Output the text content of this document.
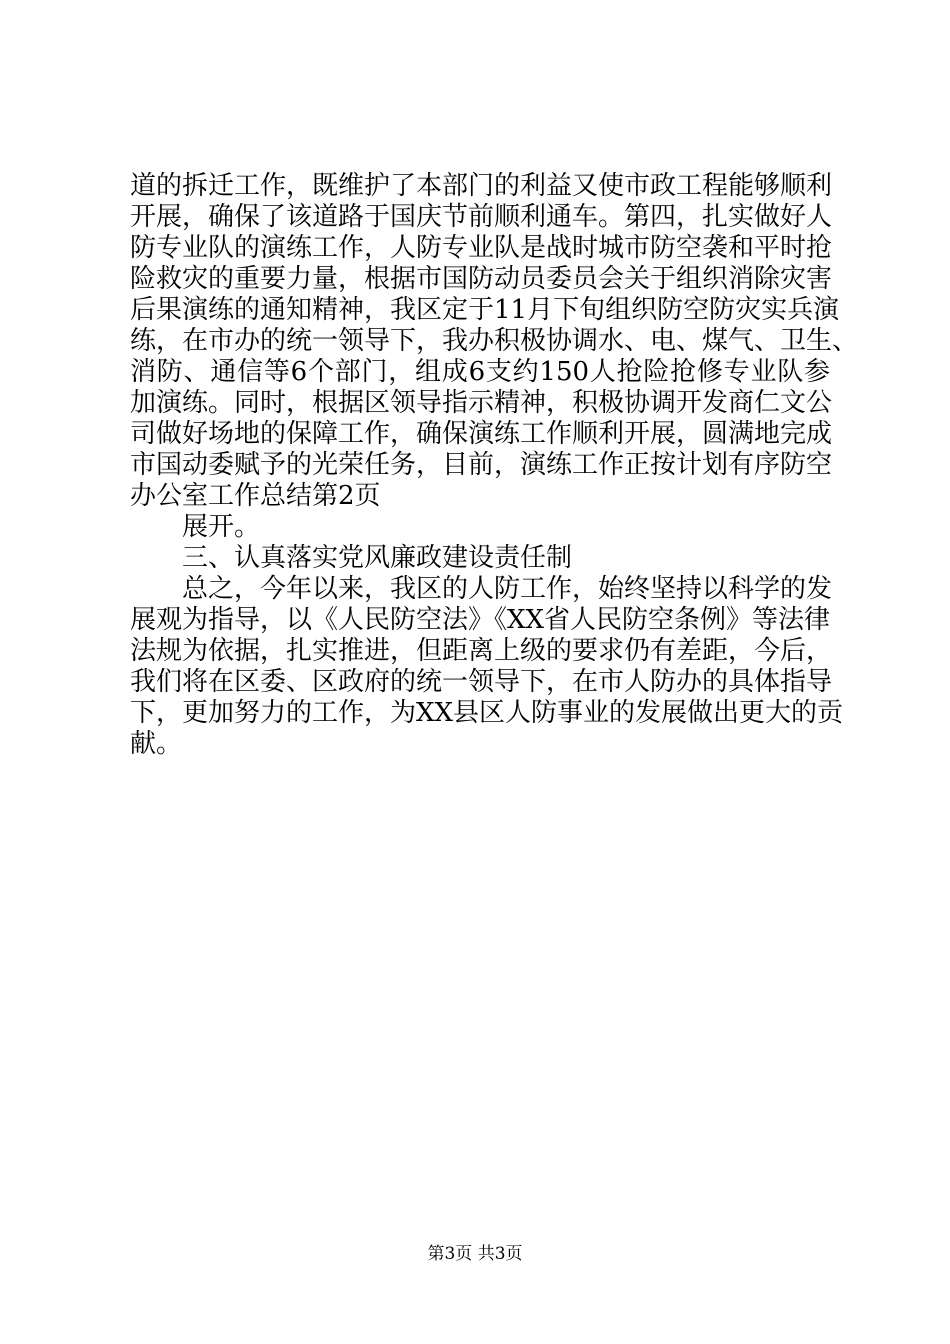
道的拆迁工作，既维护了本部门的利益又使市政工程能够顺利
开展，确保了该道路于国庆节前顺利通车。第四，扎实做好人
防专业队的演练工作，人防专业队是战时城市防空袭和平时抢
险救灾的重要力量，根据市国防动员委员会关于组织消除灾害
后果演练的通知精神，我区定于11月下旬组织防空防灾实兵演
练，在市办的统一领导下，我办积极协调水、电、煤气、卫生、
消防、通信等6个部门，组成6支约150人抢险抢修专业队参
加演练。同时，根据区领导指示精神，积极协调开发商仁文公
司做好场地的保障工作，确保演练工作顺利开展，圆满地完成
市国动委赋予的光荣任务，目前，演练工作正按计划有序防空
办公室工作总结第2页
展开。
三、认真落实党风廉政建设责任制
总之，今年以来，我区的人防工作，始终坚持以科学的发
展观为指导，以《人民防空法》《XX省人民防空条例》等法律
法规为依据，扎实推进，但距离上级的要求仍有差距，今后，
我们将在区委、区政府的统一领导下，在市人防办的具体指导
下，更加努力的工作，为XX县区人防事业的发展做出更大的贡
献。
第3页 共3页
